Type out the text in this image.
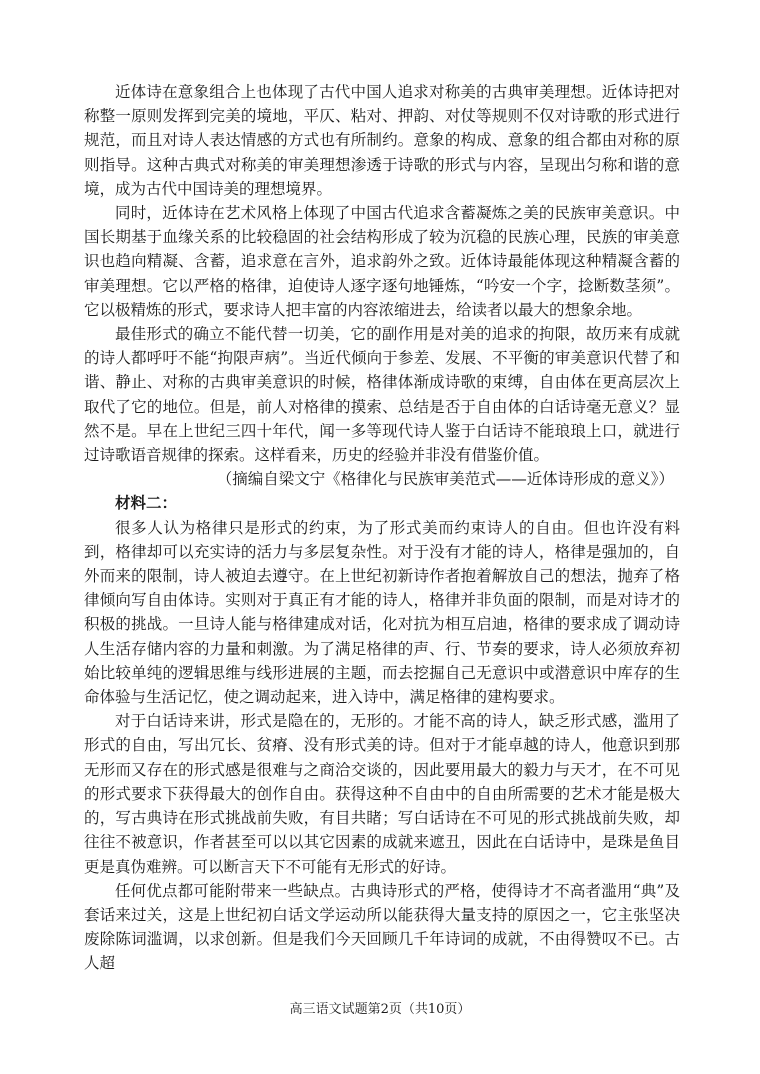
近体诗在意象组合上也体现了古代中国人追求对称美的古典审美理想。近体诗把对称整一原则发挥到完美的境地，平仄、粘对、押韵、对仗等规则不仅对诗歌的形式进行规范，而且对诗人表达情感的方式也有所制约。意象的构成、意象的组合都由对称的原则指导。这种古典式对称美的审美理想渗透于诗歌的形式与内容，呈现出匀称和谐的意境，成为古代中国诗美的理想境界。

同时，近体诗在艺术风格上体现了中国古代追求含蓄凝炼之美的民族审美意识。中国长期基于血缘关系的比较稳固的社会结构形成了较为沉稳的民族心理，民族的审美意识也趋向精凝、含蓄，追求意在言外，追求韵外之致。近体诗最能体现这种精凝含蓄的审美理想。它以严格的格律，迫使诗人逐字逐句地锤炼，“吟安一个字，捻断数茎须”。它以极精炼的形式，要求诗人把丰富的内容浓缩进去，给读者以最大的想象余地。

最佳形式的确立不能代替一切美，它的副作用是对美的追求的拘限，故历来有成就的诗人都呼吁不能“拘限声病”。当近代倾向于参差、发展、不平衡的审美意识代替了和谐、静止、对称的古典审美意识的时候，格律体渐成诗歌的束缚，自由体在更高层次上取代了它的地位。但是，前人对格律的摸索、总结是否于自由体的白话诗毫无意义？显然不是。早在上世纪三四十年代，闻一多等现代诗人鉴于白话诗不能琅琅上口，就进行过诗歌语音规律的探索。这样看来，历史的经验并非没有借鉴价值。

（摘编自梁文宁《格律化与民族审美范式——近体诗形成的意义》）

材料二：

很多人认为格律只是形式的约束，为了形式美而约束诗人的自由。但也许没有料到，格律却可以充实诗的活力与多层复杂性。对于没有才能的诗人，格律是强加的，自外而来的限制，诗人被迫去遵守。在上世纪初新诗作者抱着解放自己的想法，抛弃了格律倾向写自由体诗。实则对于真正有才能的诗人，格律并非负面的限制，而是对诗才的积极的挑战。一旦诗人能与格律建成对话，化对抗为相互启迪，格律的要求成了调动诗人生活存储内容的力量和刺激。为了满足格律的声、行、节奏的要求，诗人必须放弃初始比较单纯的逻辑思维与线形进展的主题，而去挖掘自己无意识中或潜意识中库存的生命体验与生活记忆，使之调动起来，进入诗中，满足格律的建构要求。

对于白话诗来讲，形式是隐在的，无形的。才能不高的诗人，缺乏形式感，滥用了形式的自由，写出冗长、贫瘠、没有形式美的诗。但对于才能卓越的诗人，他意识到那无形而又存在的形式感是很难与之商洽交谈的，因此要用最大的毅力与天才，在不可见的形式要求下获得最大的创作自由。获得这种不自由中的自由所需要的艺术才能是极大的，写古典诗在形式挑战前失败，有目共睹；写白话诗在不可见的形式挑战前失败，却往往不被意识，作者甚至可以以其它因素的成就来遮丑，因此在白话诗中，是珠是鱼目更是真伪难辨。可以断言天下不可能有无形式的好诗。

任何优点都可能附带来一些缺点。古典诗形式的严格，使得诗才不高者滥用“典”及套话来过关，这是上世纪初白话文学运动所以能获得大量支持的原因之一，它主张坚决废除陈词滥调，以求创新。但是我们今天回顾几千年诗词的成就，不由得赞叹不已。古人超

高三语文试题第2页（共10页）
